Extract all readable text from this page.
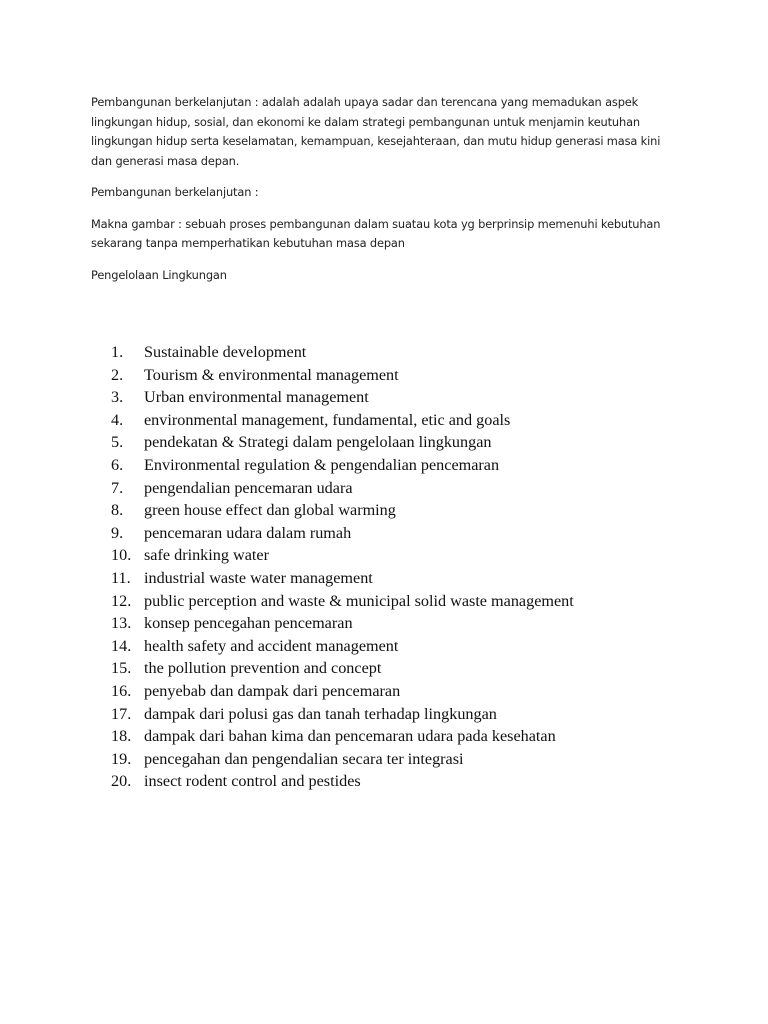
Pembangunan berkelanjutan : adalah adalah upaya sadar dan terencana yang memadukan aspek
lingkungan hidup, sosial, dan ekonomi ke dalam strategi pembangunan untuk menjamin keutuhan
lingkungan hidup serta keselamatan, kemampuan, kesejahteraan, dan mutu hidup generasi masa kini
dan generasi masa depan.

Pembangunan berkelanjutan :

Makna gambar : sebuah proses pembangunan dalam suatau kota yg berprinsip memenuhi kebutuhan
sekarang tanpa memperhatikan kebutuhan masa depan

Pengelolaan Lingkungan

1.	Sustainable development
2.	Tourism & environmental management
3.	Urban environmental management
4.	environmental management, fundamental, etic and goals
5.	pendekatan & Strategi dalam pengelolaan lingkungan
6.	Environmental regulation & pengendalian pencemaran
7.	pengendalian pencemaran udara
8.	green house effect dan global warming
9.	pencemaran udara dalam rumah
10. safe drinking water
11. industrial waste water management
12. public perception and waste & municipal solid waste management
13. konsep pencegahan pencemaran
14. health safety and accident management
15. the pollution prevention and concept
16. penyebab dan dampak dari pencemaran
17. dampak dari polusi gas dan tanah terhadap lingkungan
18. dampak dari bahan kima dan pencemaran udara pada kesehatan
19. pencegahan dan pengendalian secara ter integrasi
20. insect rodent control and pestides
